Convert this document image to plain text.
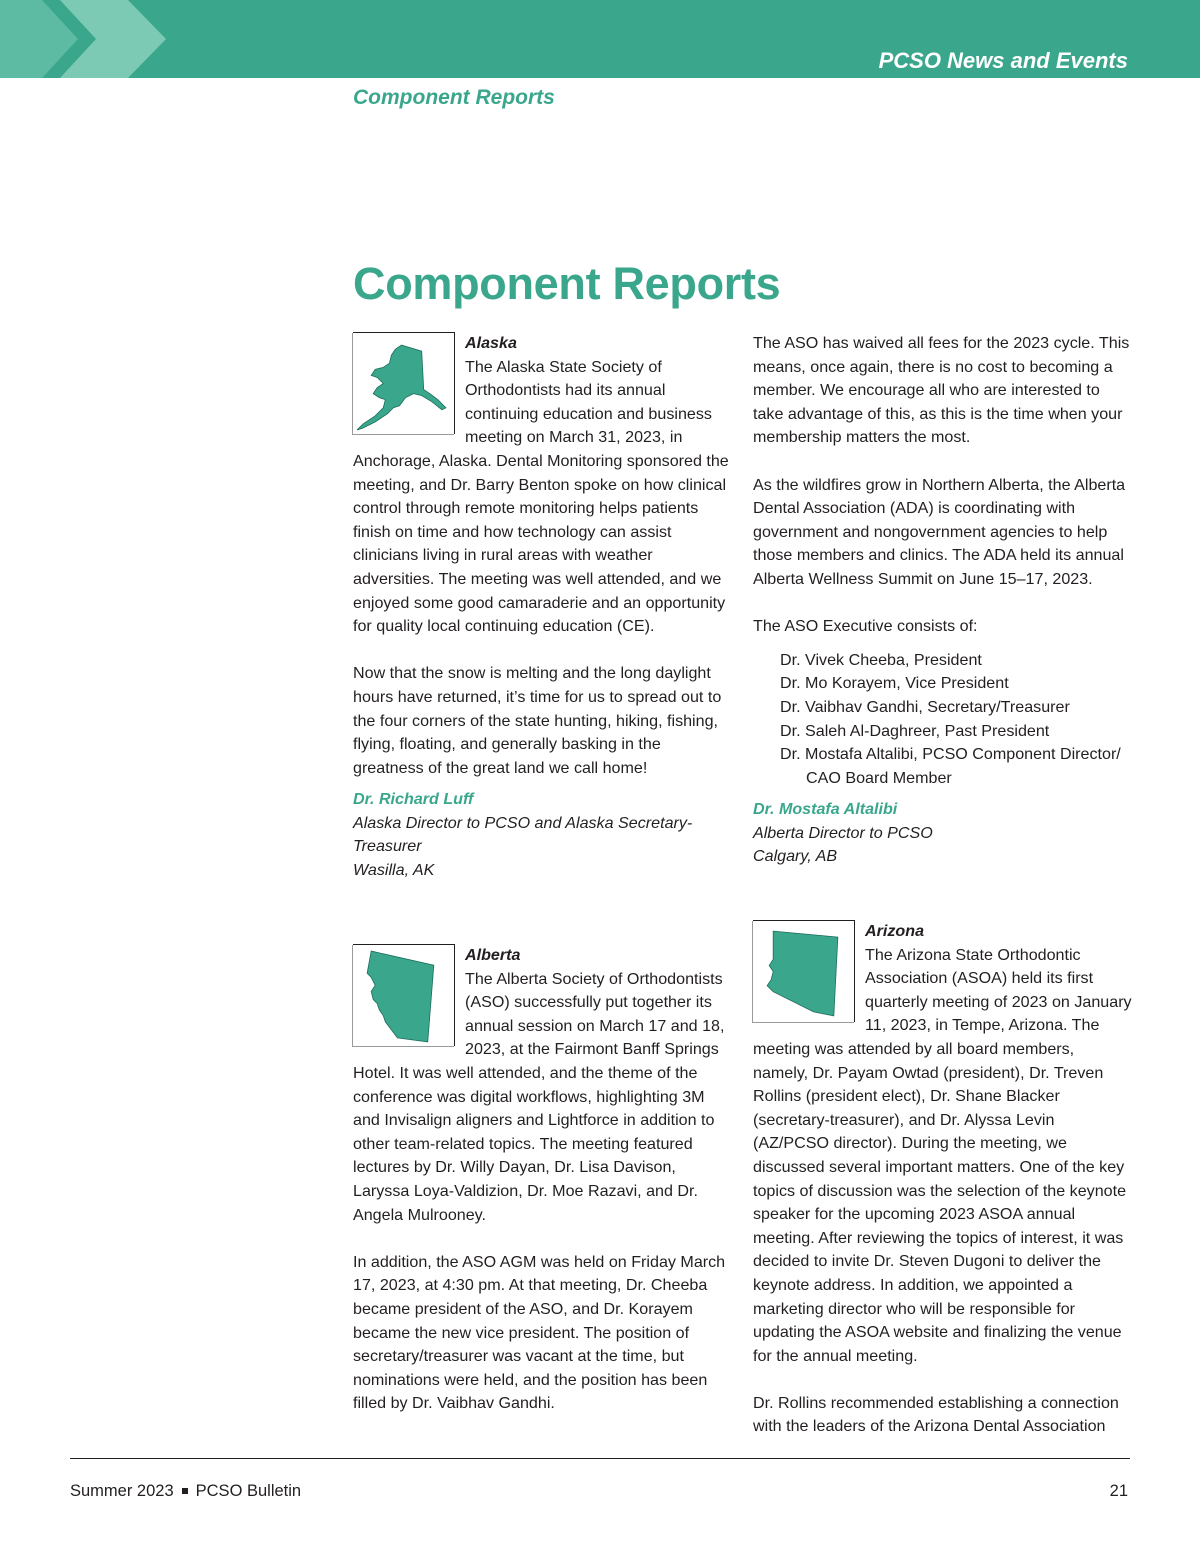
PCSO News and Events
Component Reports
Component Reports
Alaska

The Alaska State Society of Orthodontists had its annual continuing education and business meeting on March 31, 2023, in Anchorage, Alaska. Dental Monitoring sponsored the meeting, and Dr. Barry Benton spoke on how clinical control through remote monitoring helps patients finish on time and how technology can assist clinicians living in rural areas with weather adversities. The meeting was well attended, and we enjoyed some good camaraderie and an opportunity for quality local continuing education (CE).

Now that the snow is melting and the long daylight hours have returned, it’s time for us to spread out to the four corners of the state hunting, hiking, fishing, flying, floating, and generally basking in the greatness of the great land we call home!

Dr. Richard Luff
Alaska Director to PCSO and Alaska Secretary-Treasurer
Wasilla, AK
Alberta

The Alberta Society of Orthodontists (ASO) successfully put together its annual session on March 17 and 18, 2023, at the Fairmont Banff Springs Hotel. It was well attended, and the theme of the conference was digital workflows, highlighting 3M and Invisalign aligners and Lightforce in addition to other team-related topics. The meeting featured lectures by Dr. Willy Dayan, Dr. Lisa Davison, Laryssa Loya-Valdizion, Dr. Moe Razavi, and Dr. Angela Mulrooney.

In addition, the ASO AGM was held on Friday March 17, 2023, at 4:30 pm. At that meeting, Dr. Cheeba became president of the ASO, and Dr. Korayem became the new vice president. The position of secretary/treasurer was vacant at the time, but nominations were held, and the position has been filled by Dr. Vaibhav Gandhi.

The ASO has waived all fees for the 2023 cycle. This means, once again, there is no cost to becoming a member. We encourage all who are interested to take advantage of this, as this is the time when your membership matters the most.

As the wildfires grow in Northern Alberta, the Alberta Dental Association (ADA) is coordinating with government and nongovernment agencies to help those members and clinics. The ADA held its annual Alberta Wellness Summit on June 15–17, 2023.

The ASO Executive consists of:

Dr. Vivek Cheeba, President
Dr. Mo Korayem, Vice President
Dr. Vaibhav Gandhi, Secretary/Treasurer
Dr. Saleh Al-Daghreer, Past President
Dr. Mostafa Altalibi, PCSO Component Director/ CAO Board Member
Dr. Mostafa Altalibi
Alberta Director to PCSO
Calgary, AB
Arizona

The Arizona State Orthodontic Association (ASOA) held its first quarterly meeting of 2023 on January 11, 2023, in Tempe, Arizona. The meeting was attended by all board members, namely, Dr. Payam Owtad (president), Dr. Treven Rollins (president elect), Dr. Shane Blacker (secretary-treasurer), and Dr. Alyssa Levin (AZ/PCSO director). During the meeting, we discussed several important matters. One of the key topics of discussion was the selection of the keynote speaker for the upcoming 2023 ASOA annual meeting. After reviewing the topics of interest, it was decided to invite Dr. Steven Dugoni to deliver the keynote address. In addition, we appointed a marketing director who will be responsible for updating the ASOA website and finalizing the venue for the annual meeting.

Dr. Rollins recommended establishing a connection with the leaders of the Arizona Dental Association

Summer 2023 PCSO Bulletin	21
